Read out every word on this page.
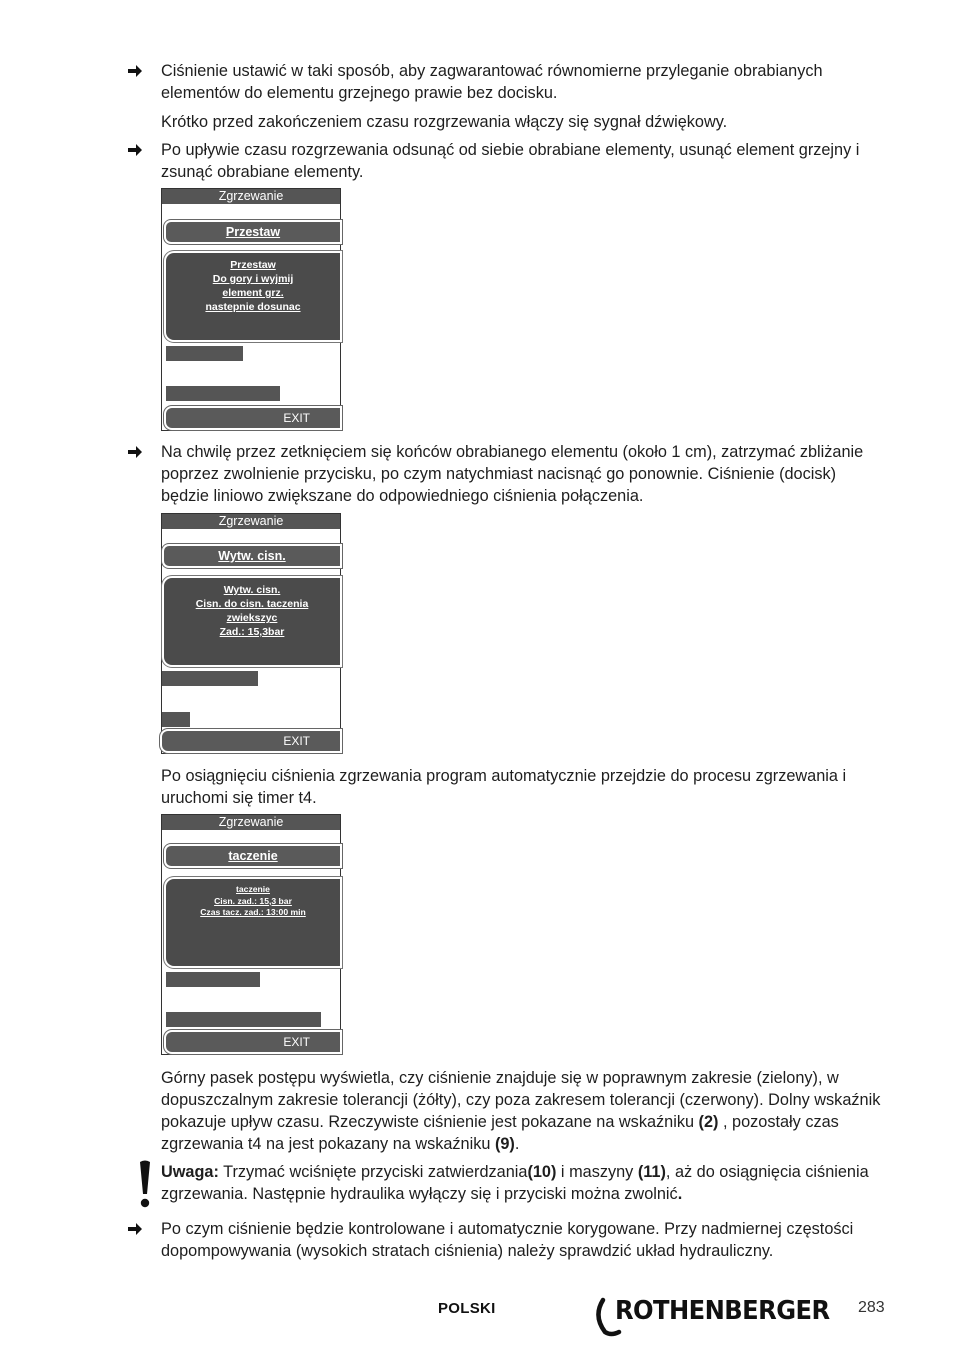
Ciśnienie ustawić w taki sposób, aby zagwarantować równomierne przyleganie obrabianych elementów do elementu grzejnego prawie bez docisku.
Krótko przed zakończeniem czasu rozgrzewania włączy się sygnał dźwiękowy.
Po upływie czasu rozgrzewania odsunąć od siebie obrabiane elementy, usunąć element grzejny i zsunąć obrabiane elementy.
Zgrzewanie
Przestaw
Przestaw
Do gory i wyjmij
element grz.
nastepnie dosunac
EXIT
Na chwilę przez zetknięciem się końców obrabianego elementu (około 1 cm), zatrzymać zbliżanie poprzez zwolnienie przycisku, po czym natychmiast nacisnąć go ponownie. Ciśnienie (docisk) będzie liniowo zwiększane do odpowiedniego ciśnienia połączenia.
Zgrzewanie
Wytw. cisn.
Wytw. cisn.
Cisn. do cisn. taczenia
zwiekszyc
Zad.: 15,3bar
EXIT
Po osiągnięciu ciśnienia zgrzewania program automatycznie przejdzie do procesu zgrzewania i uruchomi się timer t4.
Zgrzewanie
taczenie
taczenie
Cisn. zad.: 15,3 bar
Czas tacz. zad.: 13:00 min
EXIT
Górny pasek postępu wyświetla, czy ciśnienie znajduje się w poprawnym zakresie (zielony), w dopuszczalnym zakresie tolerancji (żółty), czy poza zakresem tolerancji (czerwony). Dolny wskaźnik pokazuje upływ czasu. Rzeczywiste ciśnienie jest pokazane na wskaźniku (2) , pozostały czas zgrzewania t4 na jest pokazany na wskaźniku (9).
Uwaga: Trzymać wciśnięte przyciski zatwierdzania(10) i maszyny (11), aż do osiągnięcia ciśnienia zgrzewania. Następnie hydraulika wyłączy się i przyciski można zwolnić.
Po czym ciśnienie będzie kontrolowane i automatycznie korygowane. Przy nadmiernej częstości dopompowywania (wysokich stratach ciśnienia) należy sprawdzić układ hydrauliczny.
POLSKI	ROTHENBERGER 283
